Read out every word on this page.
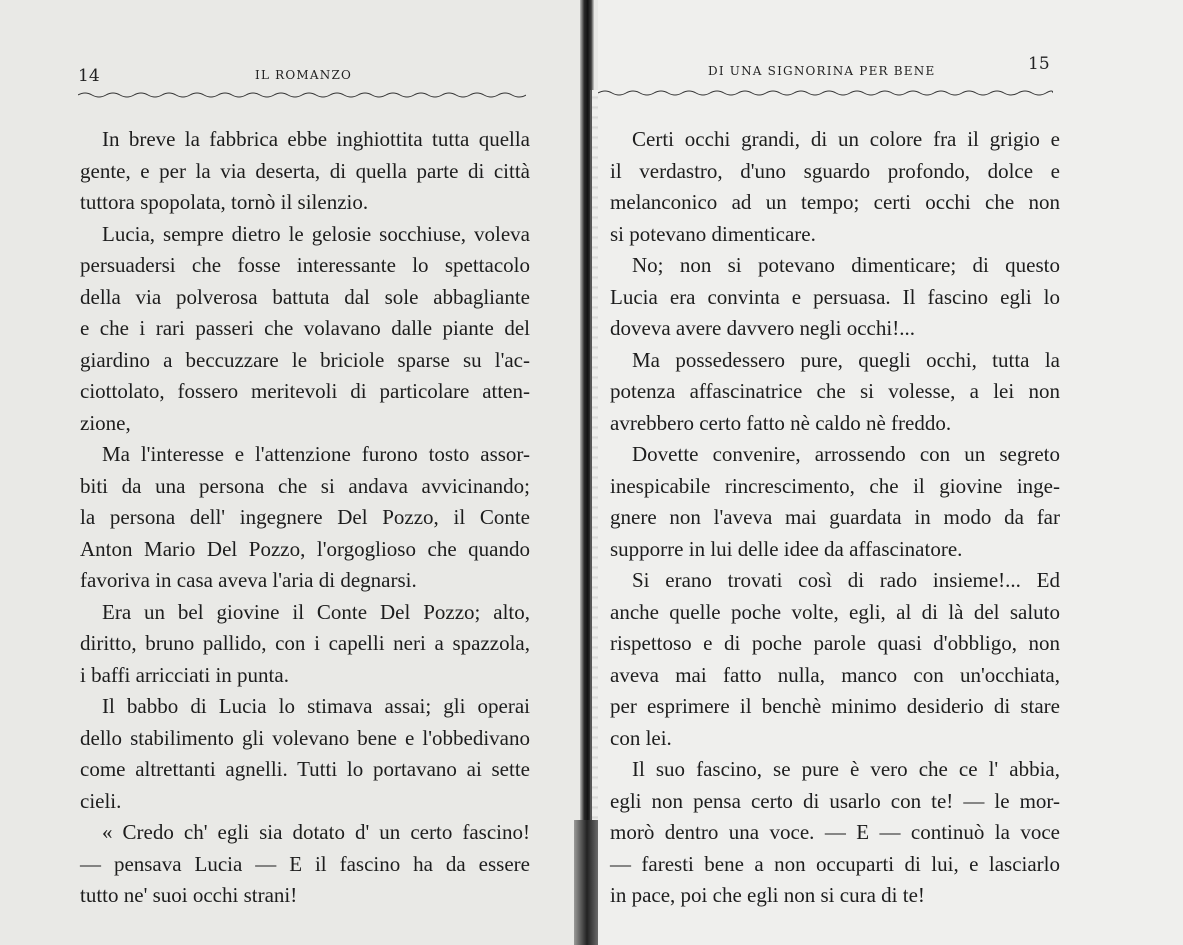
14	IL ROMANZO
In breve la fabbrica ebbe inghiottita tutta quella
gente, e per la via deserta, di quella parte di città
tuttora spopolata, tornò il silenzio.
Lucia, sempre dietro le gelosie socchiuse, voleva
persuadersi che fosse interessante lo spettacolo
della via polverosa battuta dal sole abbagliante
e che i rari passeri che volavano dalle piante del
giardino a beccuzzare le briciole sparse su l'ac-
ciottolato, fossero meritevoli di particolare atten-
zione,
Ma l'interesse e l'attenzione furono tosto assor-
biti da una persona che si andava avvicinando;
la persona dell' ingegnere Del Pozzo, il Conte
Anton Mario Del Pozzo, l'orgoglioso che quando
favoriva in casa aveva l'aria di degnarsi.
Era un bel giovine il Conte Del Pozzo; alto,
diritto, bruno pallido, con i capelli neri a spazzola,
i baffi arricciati in punta.
Il babbo di Lucia lo stimava assai; gli operai
dello stabilimento gli volevano bene e l'obbedivano
come altrettanti agnelli. Tutti lo portavano ai sette
cieli.
« Credo ch' egli sia dotato d' un certo fascino!
— pensava Lucia — E il fascino ha da essere
tutto ne' suoi occhi strani!
DI UNA SIGNORINA PER BENE	15
Certi occhi grandi, di un colore fra il grigio e
il verdastro, d'uno sguardo profondo, dolce e
melanconico ad un tempo; certi occhi che non
si potevano dimenticare.
No; non si potevano dimenticare; di questo
Lucia era convinta e persuasa. Il fascino egli lo
doveva avere davvero negli occhi!...
Ma possedessero pure, quegli occhi, tutta la
potenza affascinatrice che si volesse, a lei non
avrebbero certo fatto nè caldo nè freddo.
Dovette convenire, arrossendo con un segreto
inespicabile rincrescimento, che il giovine inge-
gnere non l'aveva mai guardata in modo da far
supporre in lui delle idee da affascinatore.
Si erano trovati così di rado insieme!... Ed
anche quelle poche volte, egli, al di là del saluto
rispettoso e di poche parole quasi d'obbligo, non
aveva mai fatto nulla, manco con un'occhiata,
per esprimere il benchè minimo desiderio di stare
con lei.
Il suo fascino, se pure è vero che ce l' abbia,
egli non pensa certo di usarlo con te! — le mor-
morò dentro una voce. — E — continuò la voce
— faresti bene a non occuparti di lui, e lasciarlo
in pace, poi che egli non si cura di te!
